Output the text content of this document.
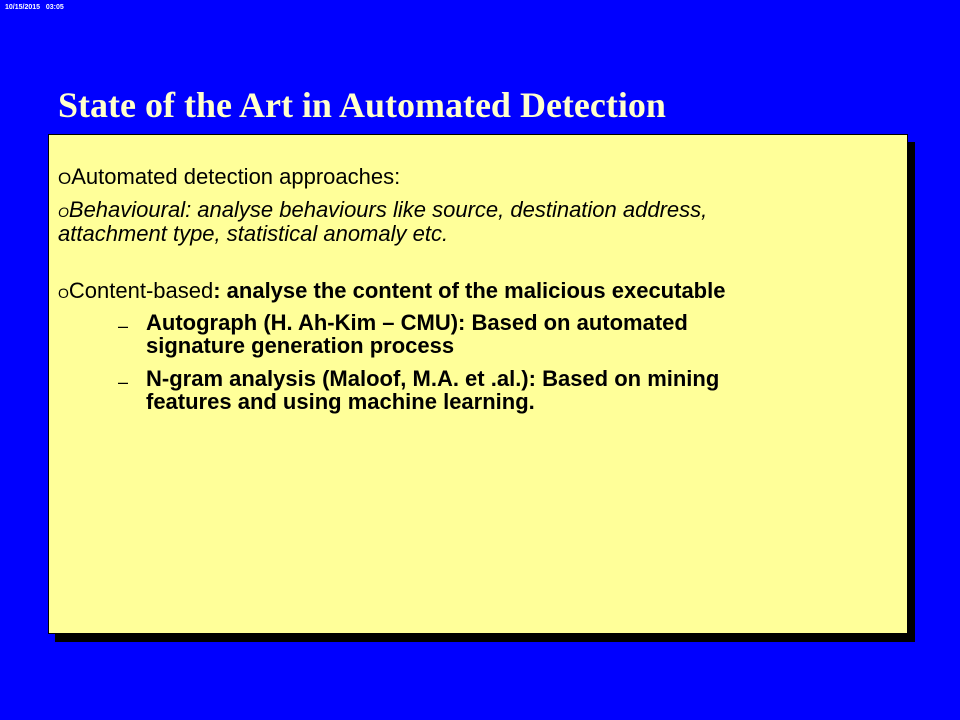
10/15/2015 03:05
State of the Art in Automated Detection
OAutomated detection approaches:
OBehavioural: analyse behaviours like source, destination address,
attachment type, statistical anomaly etc.
OContent-based: analyse the content of the malicious executable
– Autograph (H. Ah-Kim – CMU): Based on automated
signature generation process
– N-gram analysis (Maloof, M.A. et .al.): Based on mining
features and using machine learning.
